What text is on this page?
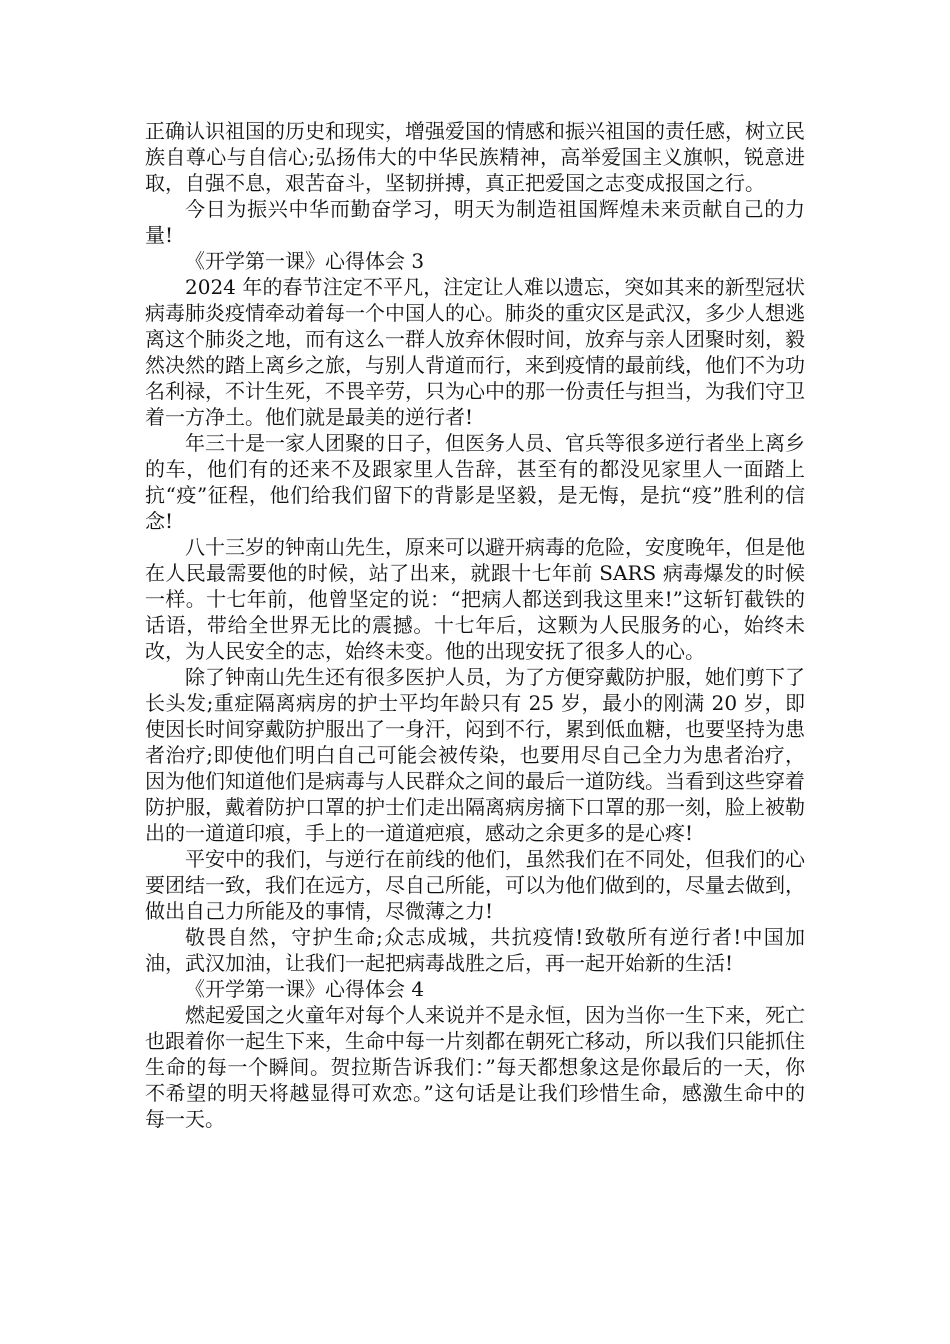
正确认识祖国的历史和现实，增强爱国的情感和振兴祖国的责任感，树立民族自尊心与自信心;弘扬伟大的中华民族精神，高举爱国主义旗帜，锐意进取，自强不息，艰苦奋斗，坚韧拼搏，真正把爱国之志变成报国之行。

今日为振兴中华而勤奋学习，明天为制造祖国辉煌未来贡献自己的力量!

《开学第一课》心得体会 3

2024 年的春节注定不平凡，注定让人难以遗忘，突如其来的新型冠状病毒肺炎疫情牵动着每一个中国人的心。肺炎的重灾区是武汉，多少人想逃离这个肺炎之地，而有这么一群人放弃休假时间，放弃与亲人团聚时刻，毅然决然的踏上离乡之旅，与别人背道而行，来到疫情的最前线，他们不为功名利禄，不计生死，不畏辛劳，只为心中的那一份责任与担当，为我们守卫着一方净土。他们就是最美的逆行者!

年三十是一家人团聚的日子，但医务人员、官兵等很多逆行者坐上离乡的车，他们有的还来不及跟家里人告辞，甚至有的都没见家里人一面踏上抗“疫”征程，他们给我们留下的背影是坚毅，是无悔，是抗“疫”胜利的信念!

八十三岁的钟南山先生，原来可以避开病毒的危险，安度晚年，但是他在人民最需要他的时候，站了出来，就跟十七年前 SARS 病毒爆发的时候一样。十七年前，他曾坚定的说：“把病人都送到我这里来!”这斩钉截铁的话语，带给全世界无比的震撼。十七年后，这颗为人民服务的心，始终未改，为人民安全的志，始终未变。他的出现安抚了很多人的心。

除了钟南山先生还有很多医护人员，为了方便穿戴防护服，她们剪下了长头发;重症隔离病房的护士平均年龄只有 25 岁，最小的刚满 20 岁，即使因长时间穿戴防护服出了一身汗，闷到不行，累到低血糖，也要坚持为患者治疗;即使他们明白自己可能会被传染，也要用尽自己全力为患者治疗，因为他们知道他们是病毒与人民群众之间的最后一道防线。当看到这些穿着防护服，戴着防护口罩的护士们走出隔离病房摘下口罩的那一刻，脸上被勒出的一道道印痕，手上的一道道疤痕，感动之余更多的是心疼!

平安中的我们，与逆行在前线的他们，虽然我们在不同处，但我们的心要团结一致，我们在远方，尽自己所能，可以为他们做到的，尽量去做到，做出自己力所能及的事情，尽微薄之力!

敬畏自然，守护生命;众志成城，共抗疫情!致敬所有逆行者!中国加油，武汉加油，让我们一起把病毒战胜之后，再一起开始新的生活!

《开学第一课》心得体会 4

燃起爱国之火童年对每个人来说并不是永恒，因为当你一生下来，死亡也跟着你一起生下来，生命中每一片刻都在朝死亡移动，所以我们只能抓住生命的每一个瞬间。贺拉斯告诉我们：”每天都想象这是你最后的一天，你不希望的明天将越显得可欢恋。”这句话是让我们珍惜生命，感激生命中的每一天。
